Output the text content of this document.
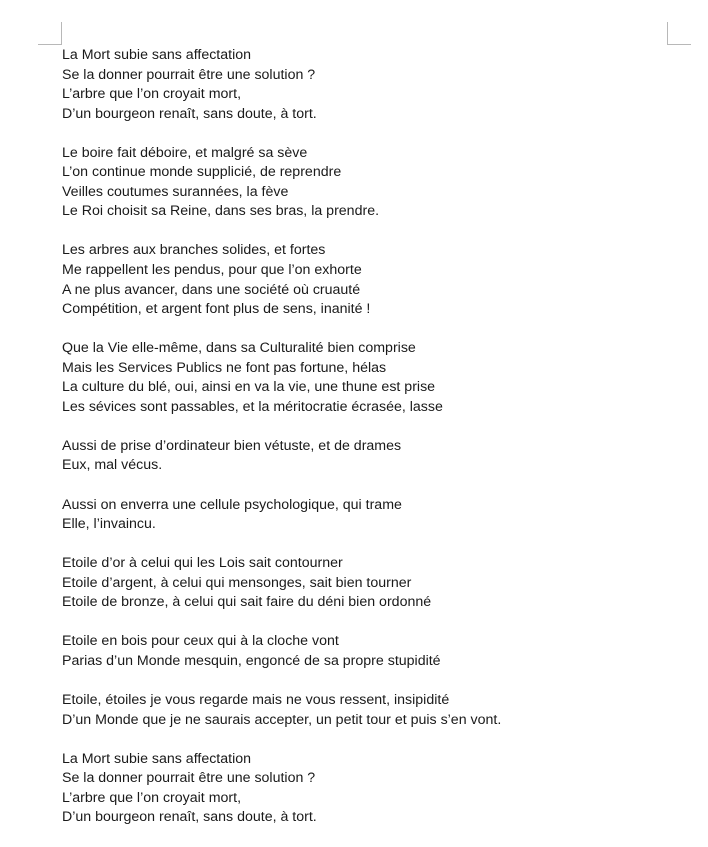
La Mort subie sans affectation
Se la donner pourrait être une solution ?
L’arbre que l’on croyait mort,
D’un bourgeon renaît, sans doute, à tort.
Le boire fait déboire, et malgré sa sève
L’on continue monde supplicié, de reprendre
Veilles coutumes surannées, la fève
Le Roi choisit sa Reine, dans ses bras, la prendre.
Les arbres aux branches solides, et fortes
Me rappellent les pendus, pour que l’on exhorte
A ne plus avancer, dans une société où cruauté
Compétition, et argent font plus de sens, inanité !
Que la Vie elle-même, dans sa Culturalité bien comprise
Mais les Services Publics ne font pas fortune, hélas
La culture du blé, oui, ainsi en va la vie, une thune est prise
Les sévices sont passables, et la méritocratie écrasée, lasse
Aussi de prise d’ordinateur bien vétuste, et de drames
Eux, mal vécus.
Aussi on enverra une cellule psychologique, qui trame
Elle, l’invaincu.
Etoile d’or à celui qui les Lois sait contourner
Etoile d’argent, à celui qui mensonges, sait bien tourner
Etoile de bronze, à celui qui sait faire du déni bien ordonné
Etoile en bois pour ceux qui à la cloche vont
Parias d’un Monde mesquin, engoncé de sa propre stupidité
Etoile, étoiles je vous regarde mais ne vous ressent, insipidité
D’un Monde que je ne saurais accepter, un petit tour et puis s’en vont.
La Mort subie sans affectation
Se la donner pourrait être une solution ?
L’arbre que l’on croyait mort,
D’un bourgeon renaît, sans doute, à tort.
